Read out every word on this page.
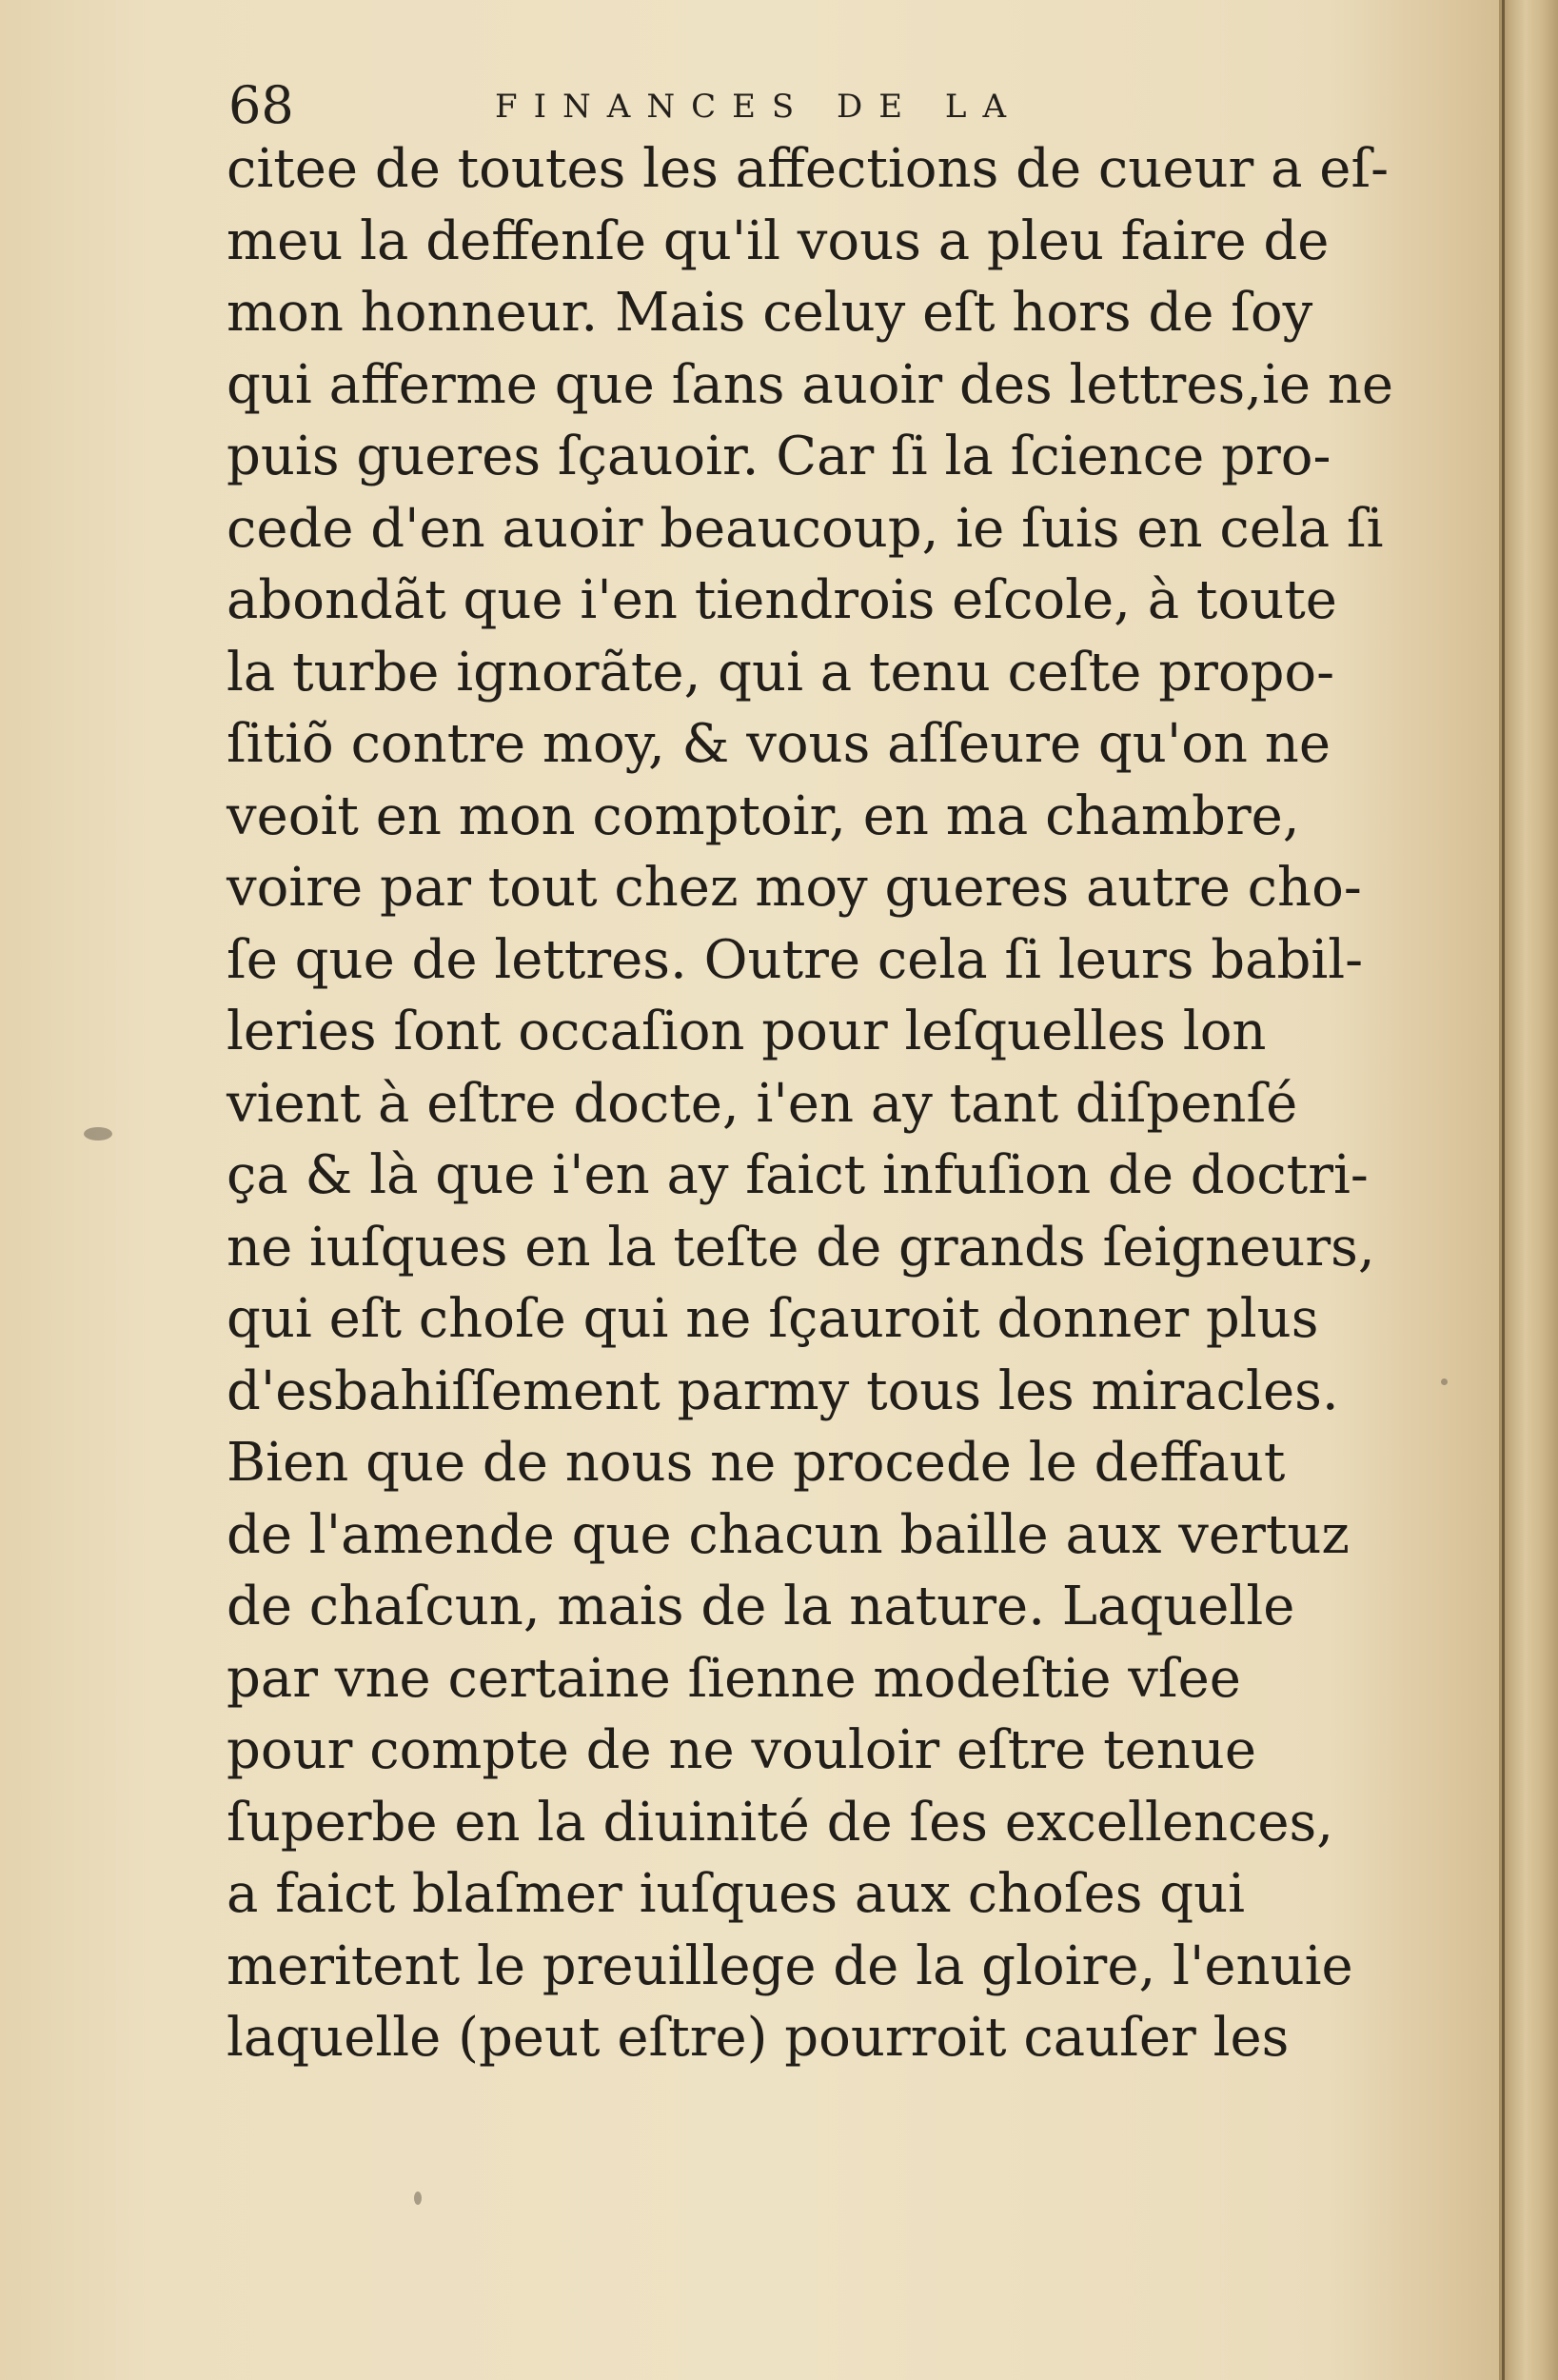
68	FINANCES DE LA
citee de toutes les affections de cueur a eſ-
meu la deffenſe qu'il vous a pleu faire de
mon honneur. Mais celuy eſt hors de ſoy
qui afferme que ſans auoir des lettres,ie ne
puis gueres ſçauoir. Car ſi la ſcience pro-
cede d'en auoir beaucoup, ie ſuis en cela ſi
abondãt que i'en tiendrois eſcole, à toute
la turbe ignorãte, qui a tenu ceſte propo-
ſitiõ contre moy, & vous aſſeure qu'on ne
veoit en mon comptoir, en ma chambre,
voire par tout chez moy gueres autre cho-
ſe que de lettres. Outre cela ſi leurs babil-
leries ſont occaſion pour leſquelles lon
vient à eſtre docte, i'en ay tant diſpenſé
ça & là que i'en ay faict infuſion de doctri-
ne iuſques en la teſte de grands ſeigneurs,
qui eſt choſe qui ne ſçauroit donner plus
d'esbahiſſement parmy tous les miracles.
Bien que de nous ne procede le deffaut
de l'amende que chacun baille aux vertuz
de chaſcun, mais de la nature. Laquelle
par vne certaine ſienne modeſtie vſee
pour compte de ne vouloir eſtre tenue
ſuperbe en la diuinité de ſes excellences,
a faict blaſmer iuſques aux choſes qui
meritent le preuillege de la gloire, l'enuie
laquelle (peut eſtre) pourroit cauſer les
